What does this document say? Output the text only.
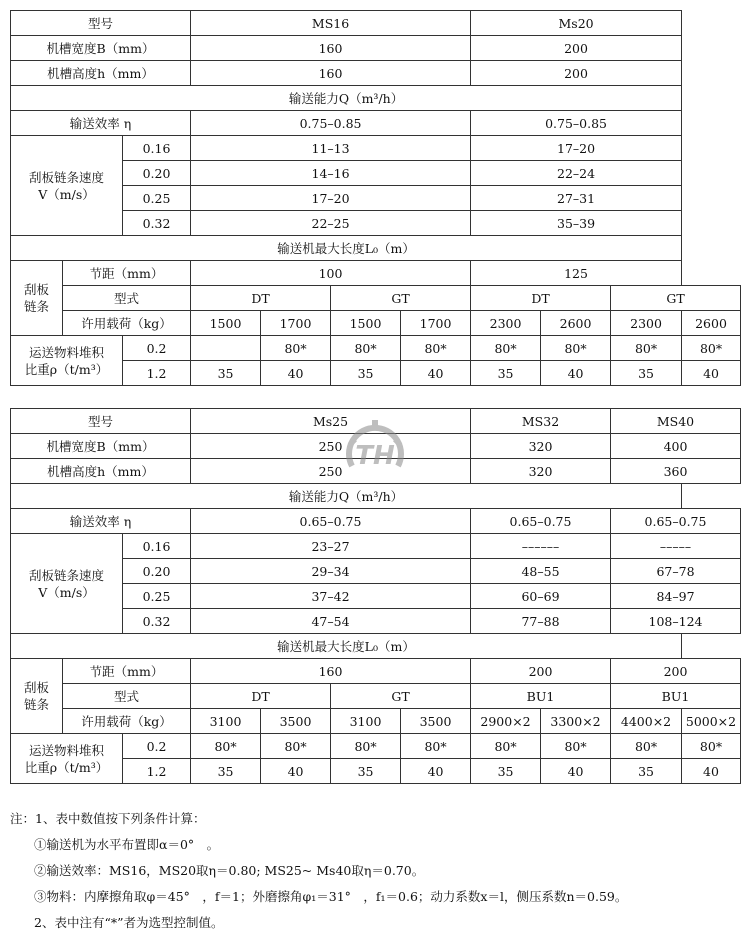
型号			MS16				Ms20			
机槽宽度B（mm）			160				200			
机槽高度h（mm）			160				200			
输送能力Q（m³/h）										
输送效率 η			0.75–0.85				0.75–0.85			
刮板链条速度
V（m/s）		0.16	11–13				17–20			
		0.20	14–16				22–24			
		0.25	17–20				27–31			
		0.32	22–25				35–39			
输送机最大长度L₀（m）										
刮板
链条	节距（mm）		100				125			
	型式		DT		GT		DT		GT	
	许用载荷（kg）		1500	1700	1500	1700	2300	2600	2300	2600
运送物料堆积
比重ρ（t/m³）		0.2		80*	80*	80*	80*	80*	80*	80*
		1.2	35	40	35	40	35	40	35	40
型号			Ms25				MS32		MS40	
机槽宽度B（mm）			250				320		400	
机槽高度h（mm）			250				320		360	
输送能力Q（m³/h）										
输送效率 η			0.65–0.75				0.65–0.75		0.65–0.75	
刮板链条速度
V（m/s）		0.16	23–27				––––––		–––––	
		0.20	29–34				48–55		67–78	
		0.25	37–42				60–69		84–97	
		0.32	47–54				77–88		108–124	
输送机最大长度L₀（m）										
刮板
链条	节距（mm）		160				200		200	
	型式		DT		GT		BU1		BU1	
	许用载荷（kg）		3100	3500	3100	3500	2900×2	3300×2	4400×2	5000×2
运送物料堆积
比重ρ（t/m³）		0.2	80*	80*	80*	80*	80*	80*	80*	80*
		1.2	35	40	35	40	35	40	35	40
注：1、表中数值按下列条件计算：
①输送机为水平布置即α＝0°　。
②输送效率：MS16，MS20取η＝0.80; MS25~ Ms40取η＝0.70。
③物料：内摩擦角取φ＝45°　，f＝1；外磨擦角φ₁＝31°　，f₁＝0.6；动力系数x＝l，侧压系数n＝0.59。
2、表中注有“*”者为选型控制值。
TH
